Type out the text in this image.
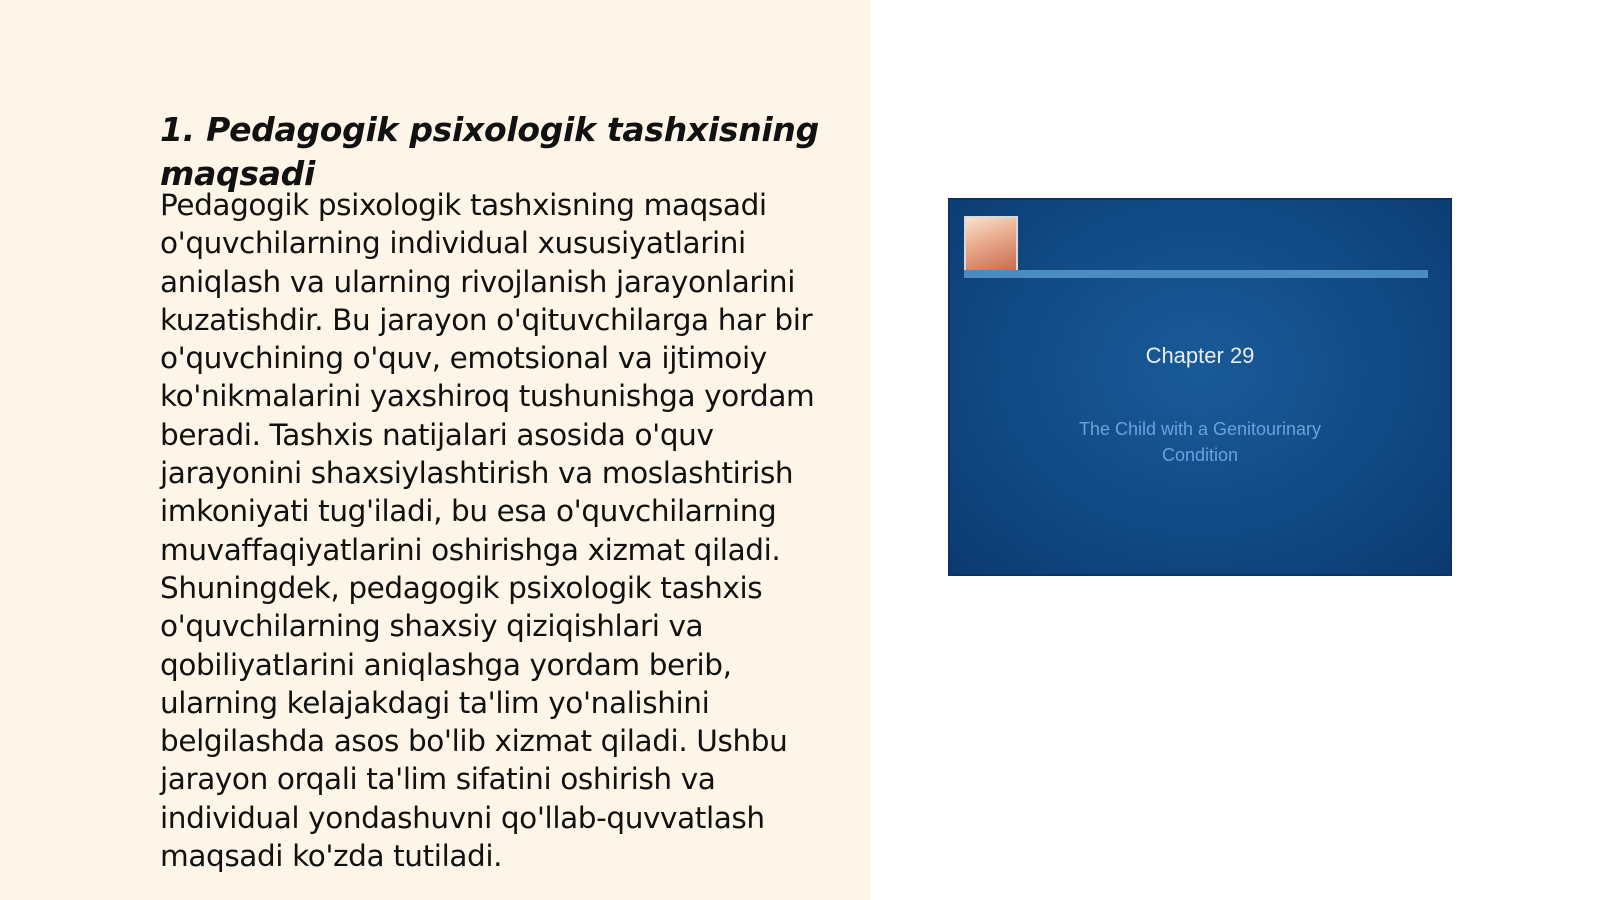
1. Pedagogik psixologik tashxisning maqsadi

Pedagogik psixologik tashxisning maqsadi o'quvchilarning individual xususiyatlarini aniqlash va ularning rivojlanish jarayonlarini kuzatishdir. Bu jarayon o'qituvchilarga har bir o'quvchining o'quv, emotsional va ijtimoiy ko'nikmalarini yaxshiroq tushunishga yordam beradi. Tashxis natijalari asosida o'quv jarayonini shaxsiylashtirish va moslashtirish imkoniyati tug'iladi, bu esa o'quvchilarning muvaffaqiyatlarini oshirishga xizmat qiladi. Shuningdek, pedagogik psixologik tashxis o'quvchilarning shaxsiy qiziqishlari va qobiliyatlarini aniqlashga yordam berib, ularning kelajakdagi ta'lim yo'nalishini belgilashda asos bo'lib xizmat qiladi. Ushbu jarayon orqali ta'lim sifatini oshirish va individual yondashuvni qo'llab-quvvatlash maqsadi ko'zda tutiladi.

Chapter 29
The Child with a Genitourinary Condition
